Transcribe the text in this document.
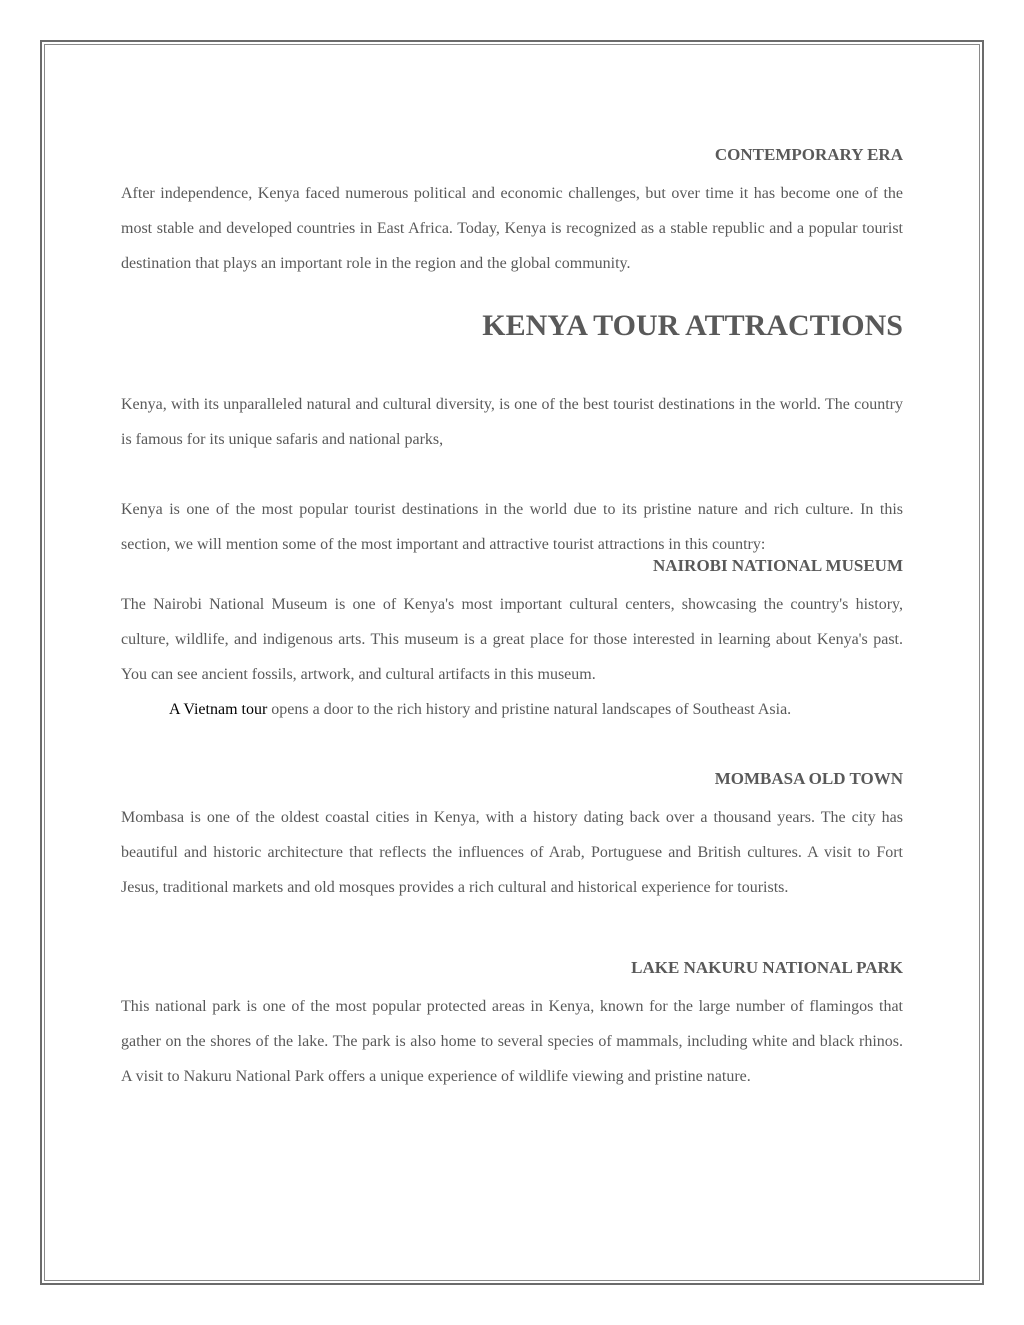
CONTEMPORARY ERA

After independence, Kenya faced numerous political and economic challenges, but over time it has become one of the most stable and developed countries in East Africa. Today, Kenya is recognized as a stable republic and a popular tourist destination that plays an important role in the region and the global community.

KENYA TOUR ATTRACTIONS

Kenya, with its unparalleled natural and cultural diversity, is one of the best tourist destinations in the world. The country is famous for its unique safaris and national parks,

Kenya is one of the most popular tourist destinations in the world due to its pristine nature and rich culture. In this section, we will mention some of the most important and attractive tourist attractions in this country:

NAIROBI NATIONAL MUSEUM

The Nairobi National Museum is one of Kenya's most important cultural centers, showcasing the country's history, culture, wildlife, and indigenous arts. This museum is a great place for those interested in learning about Kenya's past. You can see ancient fossils, artwork, and cultural artifacts in this museum.

A Vietnam tour opens a door to the rich history and pristine natural landscapes of Southeast Asia.

MOMBASA OLD TOWN

Mombasa is one of the oldest coastal cities in Kenya, with a history dating back over a thousand years. The city has beautiful and historic architecture that reflects the influences of Arab, Portuguese and British cultures. A visit to Fort Jesus, traditional markets and old mosques provides a rich cultural and historical experience for tourists.

LAKE NAKURU NATIONAL PARK

This national park is one of the most popular protected areas in Kenya, known for the large number of flamingos that gather on the shores of the lake. The park is also home to several species of mammals, including white and black rhinos. A visit to Nakuru National Park offers a unique experience of wildlife viewing and pristine nature.
